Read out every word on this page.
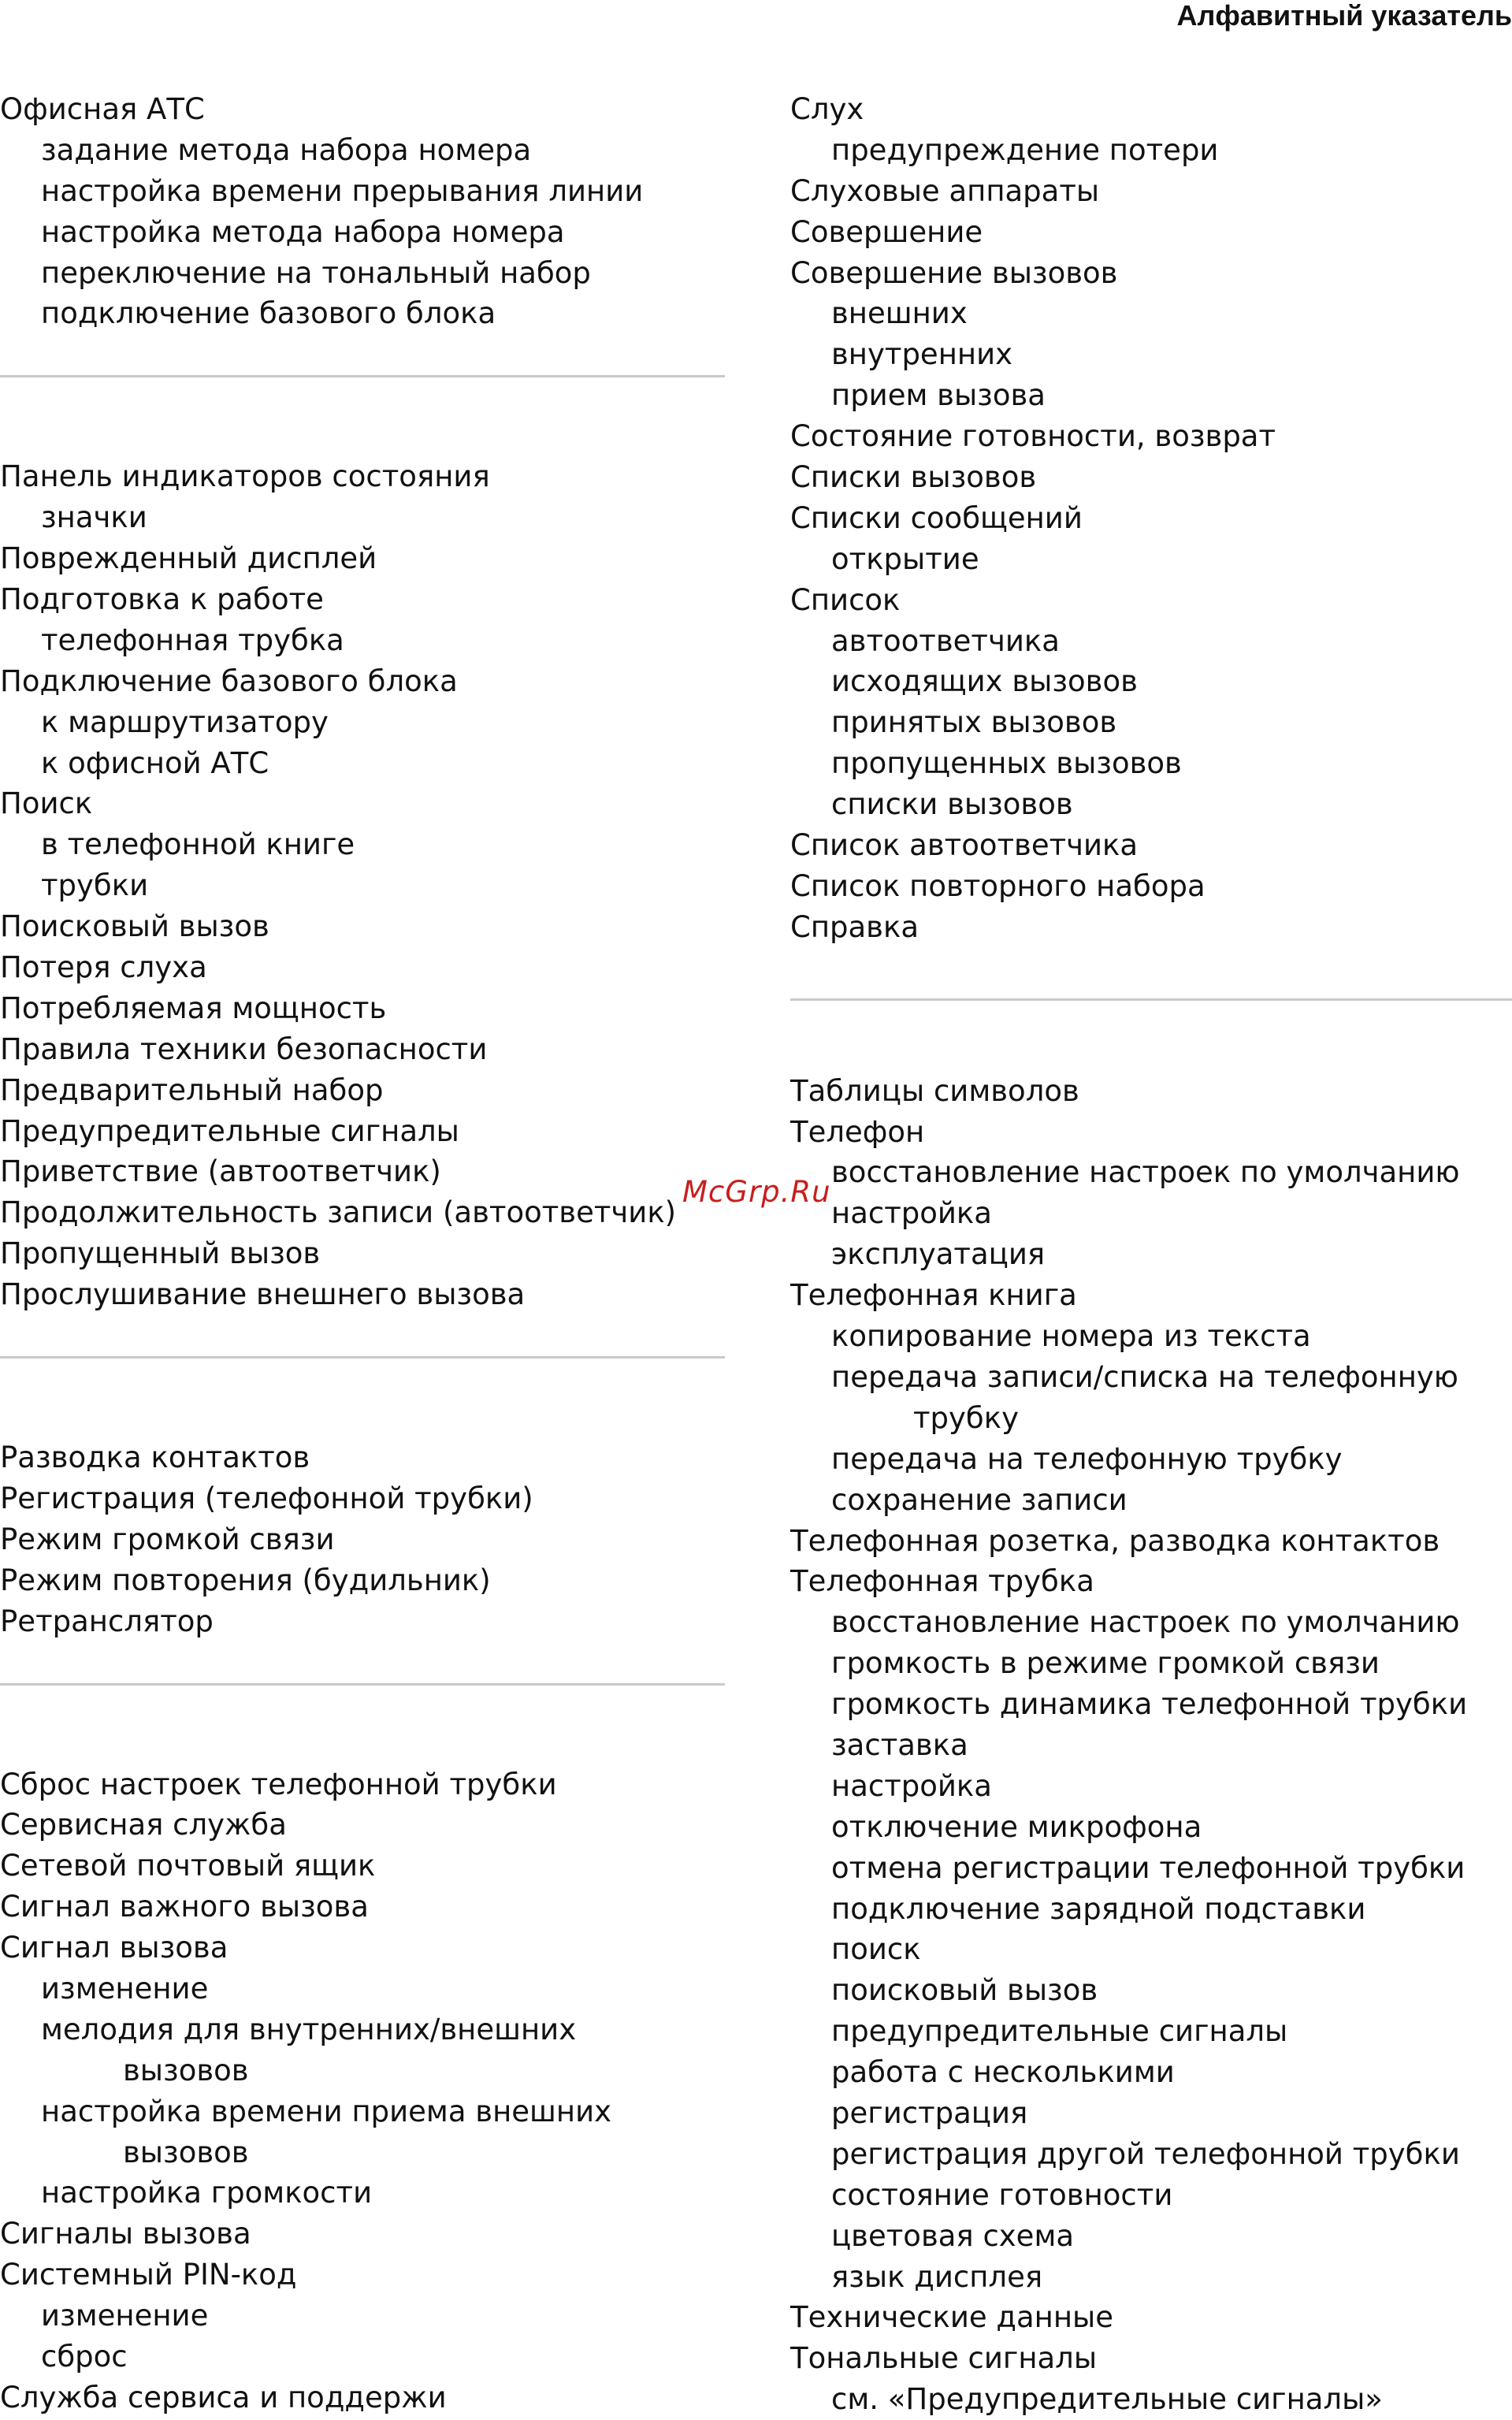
Алфавитный указатель
Офисная АТС
задание метода набора номера
настройка времени прерывания линии
настройка метода набора номера
переключение на тональный набор
подключение базового блока
Панель индикаторов состояния
значки
Поврежденный дисплей
Подготовка к работе
телефонная трубка
Подключение базового блока
к маршрутизатору
к офисной АТС
Поиск
в телефонной книге
трубки
Поисковый вызов
Потеря слуха
Потребляемая мощность
Правила техники безопасности
Предварительный набор
Предупредительные сигналы
Приветствие (автоответчик)
Продолжительность записи (автоответчик)
Пропущенный вызов
Прослушивание внешнего вызова
Разводка контактов
Регистрация (телефонной трубки)
Режим громкой связи
Режим повторения (будильник)
Ретранслятор
Сброс настроек телефонной трубки
Сервисная служба
Сетевой почтовый ящик
Сигнал важного вызова
Сигнал вызова
изменение
мелодия для внутренних/внешних
вызовов
настройка времени приема внешних
вызовов
настройка громкости
Сигналы вызова
Системный PIN-код
изменение
сброс
Служба сервиса и поддержи
Слух
предупреждение потери
Слуховые аппараты
Совершение
Совершение вызовов
внешних
внутренних
прием вызова
Состояние готовности, возврат
Списки вызовов
Списки сообщений
открытие
Список
автоответчика
исходящих вызовов
принятых вызовов
пропущенных вызовов
списки вызовов
Список автоответчика
Список повторного набора
Справка
Таблицы символов
Телефон
восстановление настроек по умолчанию
настройка
эксплуатация
Телефонная книга
копирование номера из текста
передача записи/списка на телефонную
трубку
передача на телефонную трубку
сохранение записи
Телефонная розетка, разводка контактов
Телефонная трубка
восстановление настроек по умолчанию
громкость в режиме громкой связи
громкость динамика телефонной трубки
заставка
настройка
отключение микрофона
отмена регистрации телефонной трубки
подключение зарядной подставки
поиск
поисковый вызов
предупредительные сигналы
работа с несколькими
регистрация
регистрация другой телефонной трубки
состояние готовности
цветовая схема
язык дисплея
Технические данные
Тональные сигналы
см. «Предупредительные сигналы»
McGrp.Ru
